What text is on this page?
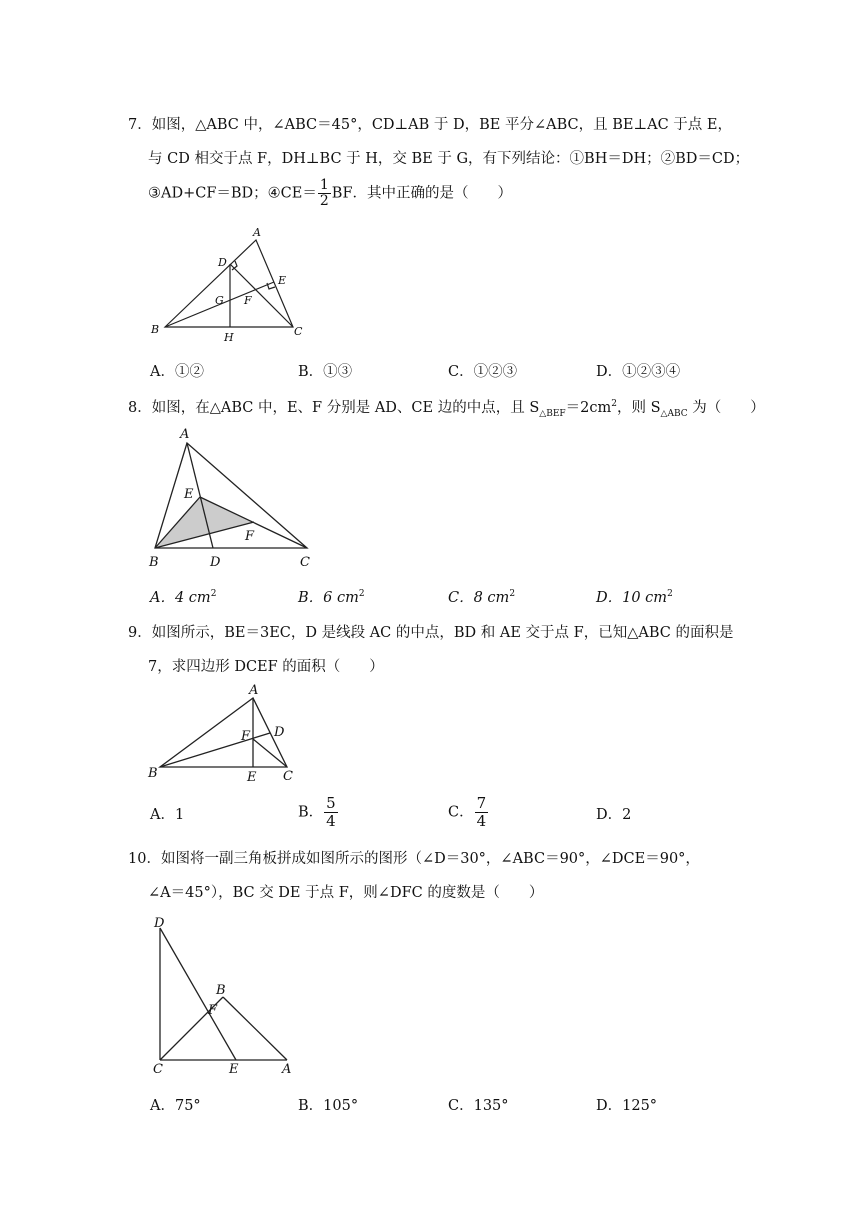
7．如图，△ABC 中，∠ABC＝45°，CD⊥AB 于 D，BE 平分∠ABC，且 BE⊥AC 于点 E，
与 CD 相交于点 F，DH⊥BC 于 H，交 BE 于 G，有下列结论：①BH＝DH；②BD＝CD；
③AD+CF＝BD；④CE＝ $\frac{1}{2}$ BF．其中正确的是（　　）
A
D
E
G F
B	C
H
A．①②	B．①③	C．①②③	D．①②③④
8．如图，在△ABC 中，E、F 分别是 AD、CE 边的中点，且 $S_{\triangle BEF}=2cm^2$，则 $S_{\triangle ABC}$ 为（　　）
A
E
F
B	D	C
A．4 $cm^2$	B．6 $cm^2$	C．8 $cm^2$	D．10 $cm^2$
9．如图所示，BE＝3EC，D 是线段 AC 的中点，BD 和 AE 交于点 F，已知△ABC 的面积是
7，求四边形 DCEF 的面积（　　）
A
F D
B	E C
A．1	B． $\frac{5}{4}$	C． $\frac{7}{4}$	D．2
10．如图将一副三角板拼成如图所示的图形（∠D＝30°，∠ABC＝90°，∠DCE＝90°，
∠A＝45°），BC 交 DE 于点 F，则∠DFC 的度数是（　　）
D
B
F
C	E	A
A．75°	B．105°	C．135°	D．125°
